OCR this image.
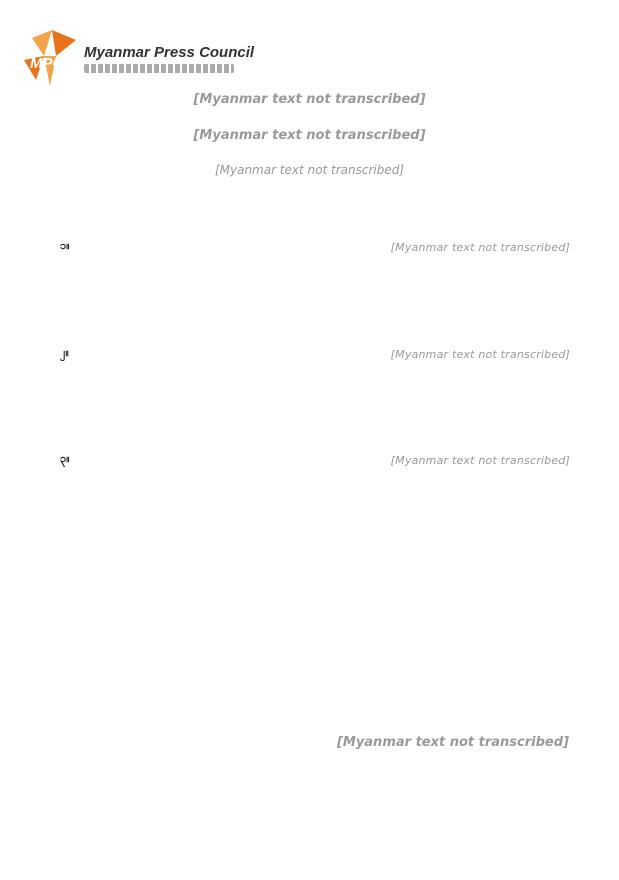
MPC
Myanmar Press Council
[Myanmar text not transcribed]
[Myanmar text not transcribed]
[Myanmar text not transcribed]
၁။	[Myanmar text not transcribed]
၂။	[Myanmar text not transcribed]
၃။	[Myanmar text not transcribed]
[Myanmar text not transcribed]
